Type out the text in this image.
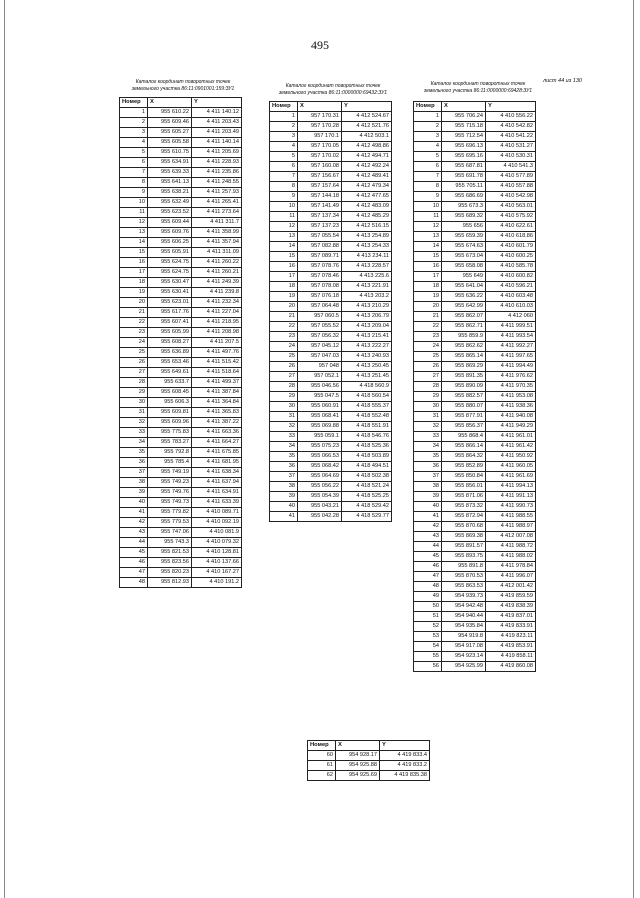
495
лист 44 из 130
Каталог координат поворотных точек
земельного участка 86:11:0901001:159:ЗУ1	Каталог координат поворотных точек
земельного участка 86:11:0000000:69432:ЗУ1
Каталог координат поворотных точек
земельного участка 86:11:0000000:69428:ЗУ1
Номер	X	Y
1	955 610.22	4 411 140.12
2	955 609.46	4 411 203.43
3	955 605.27	4 411 203.49
4	955 605.58	4 411 140.14
5	955 610.75	4 411 205.69
6	955 634.91	4 411 228.93
7	955 639.33	4 411 235.86
8	955 641.13	4 411 248.55
9	955 638.21	4 411 257.93
10	955 632.49	4 411 265.41
11	955 623.52	4 411 273.64
12	955 609.44	4 411 311.7
13	955 609.76	4 411 358.99
14	955 606.25	4 411 357.94
15	955 605.91	4 411 311.09
16	955 624.75	4 411 260.22
17	955 624.75	4 411 260.21
18	955 630.47	4 411 249.39
19	955 630.41	4 411 239.8
20	955 623.01	4 411 232.34
21	955 617.76	4 411 227.04
22	955 607.41	4 411 218.95
23	955 605.99	4 411 208.98
24	955 608.27	4 411 207.5
25	955 636.89	4 411 497.76
26	955 653.46	4 411 515.42
27	955 649.61	4 411 518.64
28	955 633.7	4 411 499.37
29	955 608.45	4 411 387.84
30	955 606.3	4 411 364.84
31	955 609.81	4 411 365.83
32	955 609.96	4 411 387.22
33	955 775.83	4 411 663.36
34	955 783.27	4 411 664.27
35	955 792.8	4 411 675.85
36	955 785.4	4 411 681.95
37	955 749.19	4 411 638.34
38	955 749.23	4 411 637.94
39	955 749.76	4 411 634.91
40	955 749.73	4 411 633.39
41	955 779.82	4 410 089.71
42	955 779.53	4 410 092.19
43	955 747.06	4 410 081.9
44	955 743.3	4 410 079.32
45	955 821.53	4 410 128.81
46	955 823.56	4 410 137.66
47	955 820.23	4 410 167.27
48	955 812.93	4 410 191.2
Номер	X	Y
1	957 170.31	4 412 524.67
2	957 170.28	4 412 521.76
3	957 170.1	4 412 503.1
4	957 170.05	4 412 498.86
5	957 170.02	4 412 494.71
6	957 160.08	4 412 492.24
7	957 156.67	4 412 489.41
8	957 157.64	4 412 479.34
9	957 144.18	4 412 477.65
10	957 141.49	4 412 483.09
11	957 137.34	4 412 485.29
12	957 137.23	4 412 516.15
13	957 055.54	4 413 254.89
14	957 082.88	4 413 254.33
15	957 089.71	4 413 234.11
16	957 078.76	4 413 228.57
17	957 078.46	4 413 225.6
18	957 078.08	4 413 221.91
19	957 076.18	4 413 203.2
20	957 064.48	4 413 210.29
21	957 060.5	4 413 206.79
22	957 055.52	4 413 209.04
23	957 056.32	4 413 215.41
24	957 045.12	4 413 222.27
25	957 047.03	4 413 240.93
26	957 048	4 413 250.45
27	957 052.1	4 413 251.45
28	955 046.56	4 418 560.9
29	955 047.5	4 418 560.54
30	955 060.91	4 418 555.37
31	955 068.41	4 418 552.48
32	955 069.88	4 418 551.91
33	955 059.1	4 418 546.76
34	955 075.23	4 418 525.36
35	955 066.53	4 418 503.89
36	955 068.42	4 418 494.51
37	955 064.69	4 418 502.38
38	955 056.22	4 418 521.24
39	955 054.39	4 418 525.25
40	955 043.21	4 418 529.42
41	955 042.28	4 418 529.77
Номер	X	Y
1	955 706.24	4 410 556.22
2	955 715.18	4 410 542.82
3	955 712.54	4 410 541.22
4	955 696.13	4 410 531.27
5	955 695.16	4 410 530.31
6	955 687.81	4 410 541.3
7	955 691.78	4 410 577.89
8	955 705.11	4 410 557.88
9	955 686.69	4 410 542.98
10	955 673.3	4 410 563.01
11	955 689.32	4 410 575.92
12	955 656	4 410 622.61
13	955 659.39	4 410 618.86
14	955 674.63	4 410 601.79
15	955 673.04	4 410 600.25
16	955 658.08	4 410 585.78
17	955 649	4 410 600.82
18	955 641.04	4 410 596.21
19	955 636.22	4 410 603.48
20	955 642.99	4 410 610.03
21	955 862.07	4 412 060
22	955 862.71	4 411 999.51
23	955 859.9	4 411 993.54
24	955 862.62	4 411 992.27
25	955 865.14	4 411 997.65
26	955 869.29	4 411 994.49
27	955 891.35	4 411 976.62
28	955 890.09	4 411 970.35
29	955 882.57	4 411 953.08
30	955 880.07	4 411 938.36
31	955 877.91	4 411 940.08
32	955 856.37	4 411 949.29
33	955 868.4	4 411 961.01
34	955 866.14	4 411 961.42
35	955 864.32	4 411 950.92
36	955 852.89	4 411 960.05
37	955 850.84	4 411 961.69
38	955 856.01	4 411 994.13
39	955 871.06	4 411 991.13
40	955 873.32	4 411 990.73
41	955 872.94	4 411 988.55
42	955 870.68	4 411 988.97
43	955 869.38	4 412 007.08
44	955 891.57	4 411 988.72
45	955 893.75	4 411 988.02
46	955 891.8	4 411 978.84
47	955 870.53	4 411 996.07
48	955 863.53	4 412 001.42
49	954 939.73	4 419 859.59
50	954 942.48	4 419 838.39
51	954 940.44	4 419 837.01
52	954 935.84	4 419 833.91
53	954 919.8	4 419 823.11
54	954 917.08	4 419 853.91
55	954 923.14	4 419 858.11
56	954 925.99	4 419 860.08
Номер	X	Y
60	954 928.17	4 419 833.4
61	954 925.88	4 419 833.2
62	954 925.69	4 419 835.38
